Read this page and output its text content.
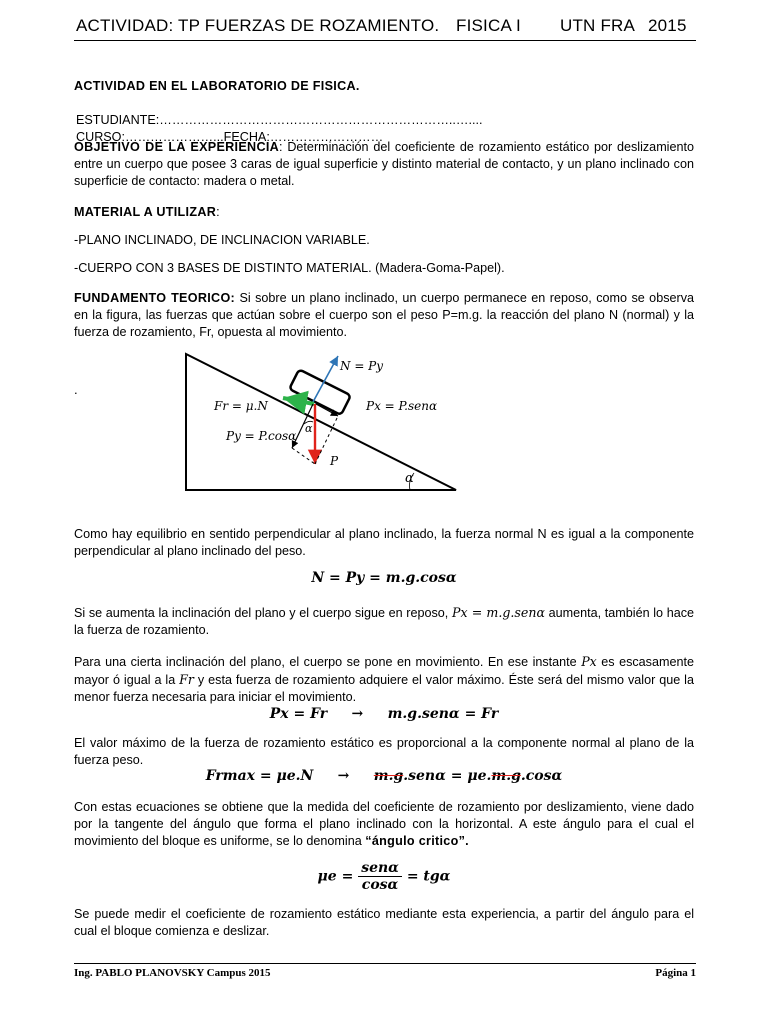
ACTIVIDAD: TP FUERZAS DE ROZAMIENTO. FISICA I UTN FRA 2015
ACTIVIDAD EN EL LABORATORIO DE FISICA.
ESTUDIANTE:……………………………………………………………..….... CURSO:…………………...FECHA:………………………
OBJETIVO DE LA EXPERIENCIA: Determinación del coeficiente de rozamiento estático por deslizamiento entre un cuerpo que posee 3 caras de igual superficie y distinto material de contacto, y un plano inclinado con superficie de contacto: madera o metal.
MATERIAL A UTILIZAR:
-PLANO INCLINADO, DE INCLINACION VARIABLE.
-CUERPO CON 3 BASES DE DISTINTO MATERIAL. (Madera-Goma-Papel).
FUNDAMENTO TEORICO: Si sobre un plano inclinado, un cuerpo permanece en reposo, como se observa en la figura, las fuerzas que actúan sobre el cuerpo son el peso P=m.g. la reacción del plano N (normal) y la fuerza de rozamiento, Fr, opuesta al movimiento.
.
N = Py
Fr = μ.N	Px = P.senα
Py = P.cosα
P
α
α
Como hay equilibrio en sentido perpendicular al plano inclinado, la fuerza normal N es igual a la componente perpendicular al plano inclinado del peso.
N = Py = m.g.cosα
Si se aumenta la inclinación del plano y el cuerpo sigue en reposo, Px = m.g.senα aumenta, también lo hace la fuerza de rozamiento.
Para una cierta inclinación del plano, el cuerpo se pone en movimiento. En ese instante Px es escasamente mayor ó igual a la Fr y esta fuerza de rozamiento adquiere el valor máximo. Éste será del mismo valor que la menor fuerza necesaria para iniciar el movimiento.
Px = Fr     →     m.g.senα = Fr
El valor máximo de la fuerza de rozamiento estático es proporcional a la componente normal al plano de la fuerza peso.
Frmax = μe.N     →     m.g.senα = μe.m.g.cosα
Con estas ecuaciones se obtiene que la medida del coeficiente de rozamiento por deslizamiento, viene dado por la tangente del ángulo que forma el plano inclinado con la horizontal. A este ángulo para el cual el movimiento del bloque es uniforme, se lo denomina “ángulo critico”.
$\mu e = \frac{\text{senα}}{\cos\alpha} = tg\alpha$
Se puede medir el coeficiente de rozamiento estático mediante esta experiencia, a partir del ángulo para el cual el bloque comienza e deslizar.
Ing. PABLO PLANOVSKY Campus 2015	Página 1
